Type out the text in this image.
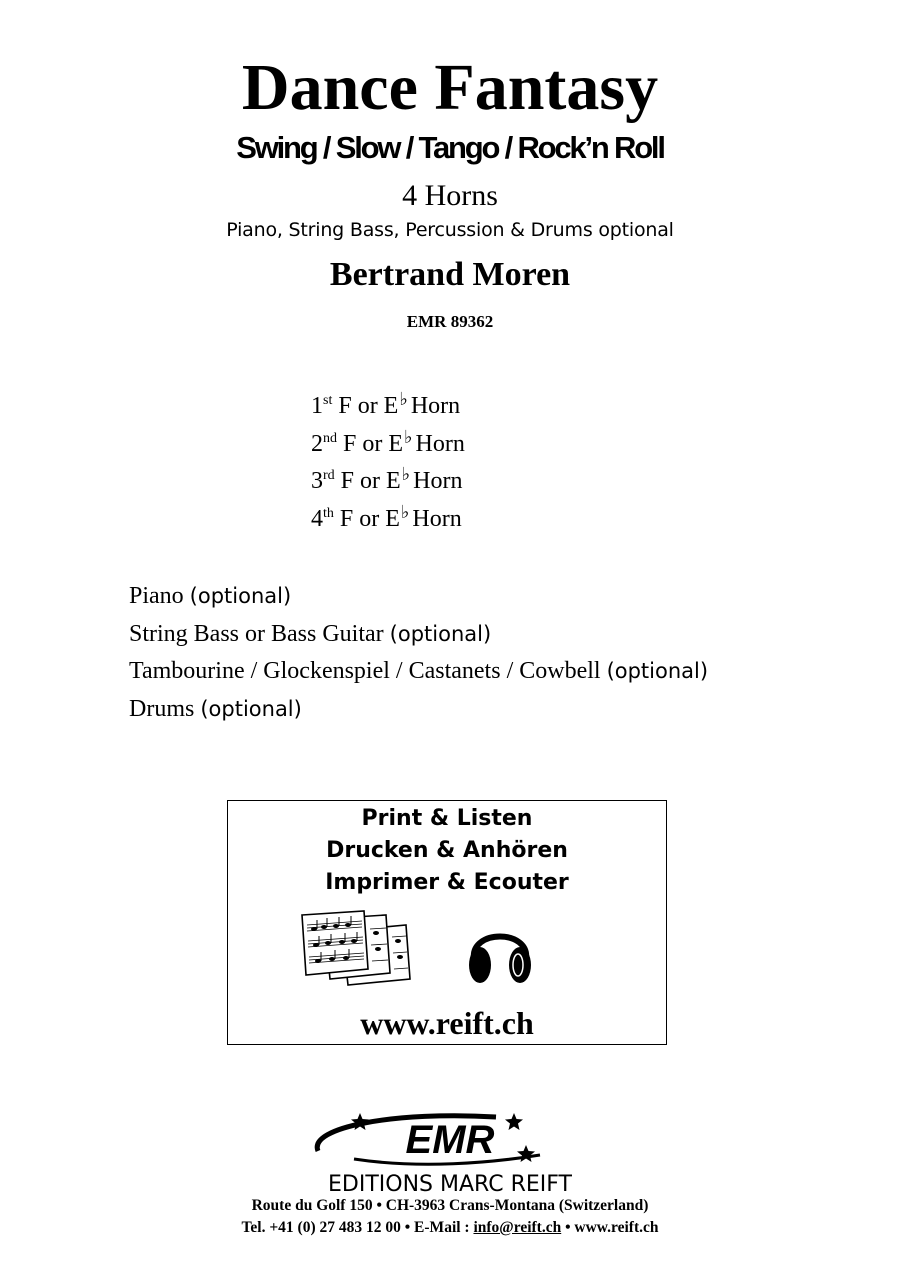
Dance Fantasy
Swing / Slow / Tango / Rock’n Roll
4 Horns
Piano, String Bass, Percussion & Drums optional
Bertrand Moren
EMR 89362
1st F or E♭ Horn
2nd F or E♭ Horn
3rd F or E♭ Horn
4th F or E♭ Horn
Piano (optional)
String Bass or Bass Guitar (optional)
Tambourine / Glockenspiel / Castanets / Cowbell (optional)
Drums (optional)
Print & Listen
Drucken & Anhören
Imprimer & Ecouter
www.reift.ch
EMR
EDITIONS MARC REIFT
Route du Golf 150 • CH-3963 Crans-Montana (Switzerland)
Tel. +41 (0) 27 483 12 00 • E-Mail : info@reift.ch • www.reift.ch
